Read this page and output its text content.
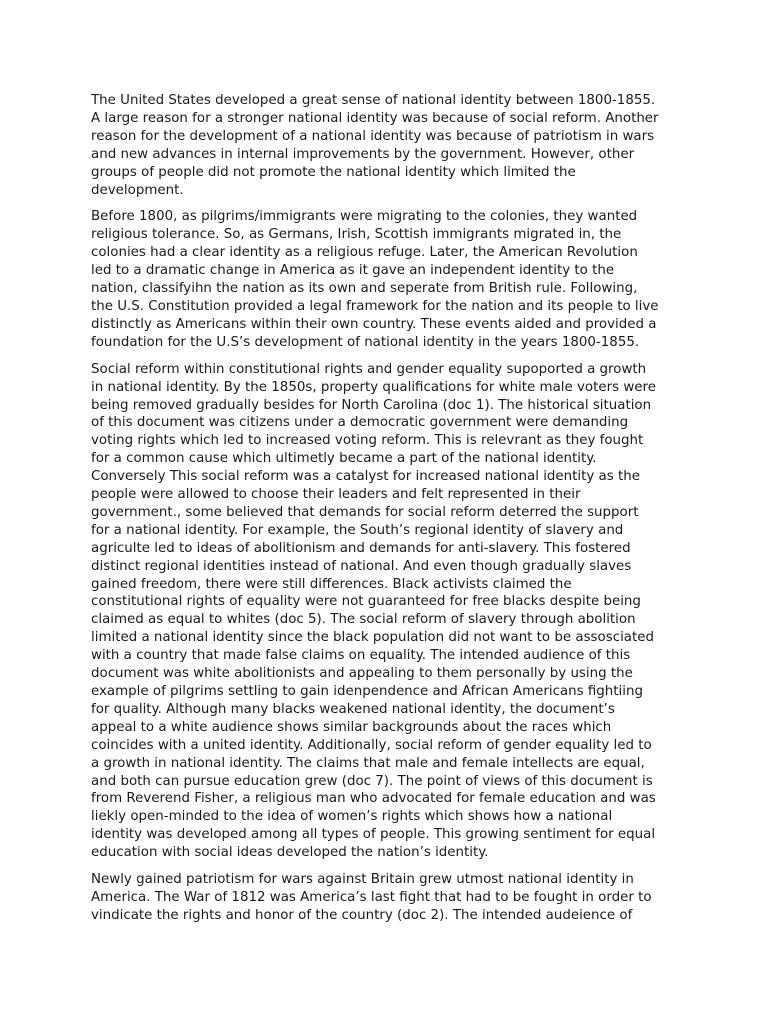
The United States developed a great sense of national identity between 1800-1855.
A large reason for a stronger national identity was because of social reform. Another
reason for the development of a national identity was because of patriotism in wars
and new advances in internal improvements by the government. However, other
groups of people did not promote the national identity which limited the
development.

Before 1800, as pilgrims/immigrants were migrating to the colonies, they wanted
religious tolerance. So, as Germans, Irish, Scottish immigrants migrated in, the
colonies had a clear identity as a religious refuge. Later, the American Revolution
led to a dramatic change in America as it gave an independent identity to the
nation, classifyihn the nation as its own and seperate from British rule. Following,
the U.S. Constitution provided a legal framework for the nation and its people to live
distinctly as Americans within their own country. These events aided and provided a
foundation for the U.S’s development of national identity in the years 1800-1855.

Social reform within constitutional rights and gender equality supoported a growth
in national identity. By the 1850s, property qualifications for white male voters were
being removed gradually besides for North Carolina (doc 1). The historical situation
of this document was citizens under a democratic government were demanding
voting rights which led to increased voting reform. This is relevrant as they fought
for a common cause which ultimetly became a part of the national identity.
Conversely This social reform was a catalyst for increased national identity as the
people were allowed to choose their leaders and felt represented in their
government., some believed that demands for social reform deterred the support
for a national identity. For example, the South’s regional identity of slavery and
agriculte led to ideas of abolitionism and demands for anti-slavery. This fostered
distinct regional identities instead of national. And even though gradually slaves
gained freedom, there were still differences. Black activists claimed the
constitutional rights of equality were not guaranteed for free blacks despite being
claimed as equal to whites (doc 5). The social reform of slavery through abolition
limited a national identity since the black population did not want to be assosciated
with a country that made false claims on equality. The intended audience of this
document was white abolitionists and appealing to them personally by using the
example of pilgrims settling to gain idenpendence and African Americans fightiing
for quality. Although many blacks weakened national identity, the document’s
appeal to a white audience shows similar backgrounds about the races which
coincides with a united identity. Additionally, social reform of gender equality led to
a growth in national identity. The claims that male and female intellects are equal,
and both can pursue education grew (doc 7). The point of views of this document is
from Reverend Fisher, a religious man who advocated for female education and was
liekly open-minded to the idea of women’s rights which shows how a national
identity was developed among all types of people. This growing sentiment for equal
education with social ideas developed the nation’s identity.

Newly gained patriotism for wars against Britain grew utmost national identity in
America. The War of 1812 was America’s last fight that had to be fought in order to
vindicate the rights and honor of the country (doc 2). The intended audeience of
